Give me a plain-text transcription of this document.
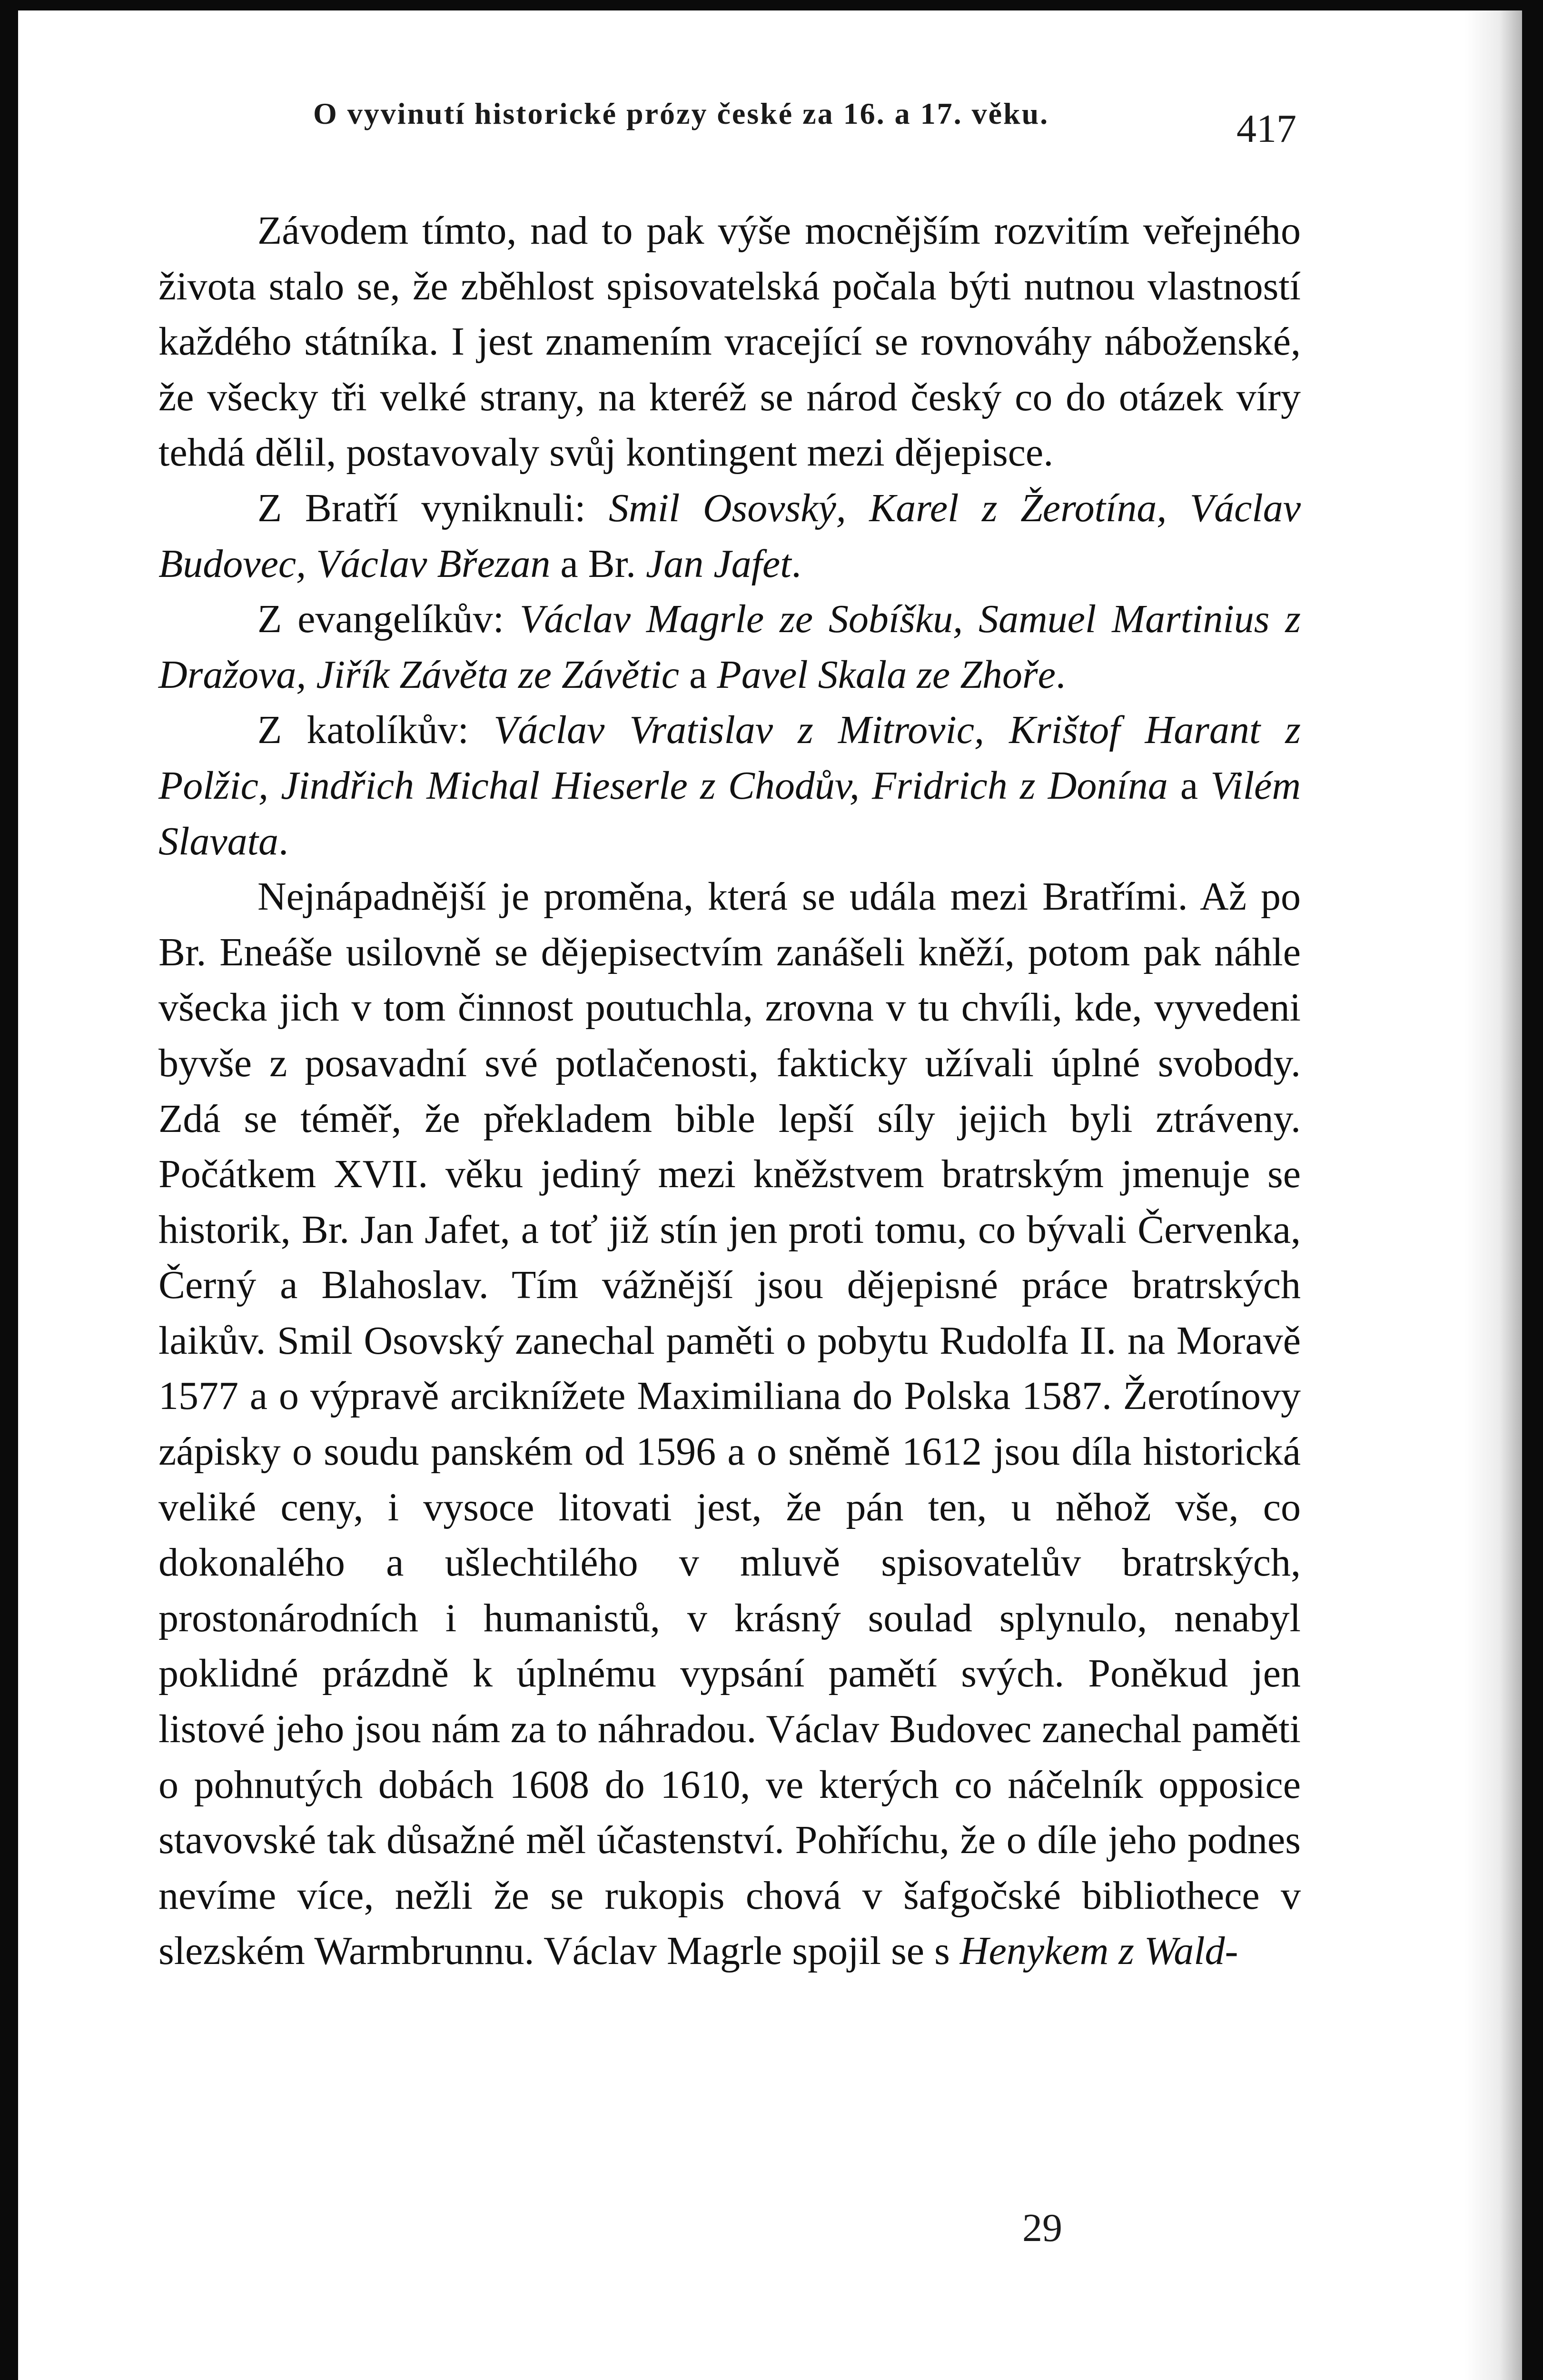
O vyvinutí historické prózy české za 16. a 17. věku.	417

Závodem tímto, nad to pak výše mocnějším rozvitím veřejného života stalo se, že zběhlost spisovatelská počala býti nutnou vlastností každého státníka. I jest znamením vracející se rovnováhy náboženské, že všecky tři velké strany, na kteréž se národ český co do otázek víry tehdá dělil, postavovaly svůj kontingent mezi dějepisce.

Z Bratří vyniknuli: Smil Osovský, Karel z Žerotína, Václav Budovec, Václav Březan a Br. Jan Jafet.

Z evangelíkův: Václav Magrle ze Sobíšku, Samuel Martinius z Dražova, Jiřík Závěta ze Závětic a Pavel Skala ze Zhoře.

Z katolíkův: Václav Vratislav z Mitrovic, Krištof Harant z Polžic, Jindřich Michal Hieserle z Chodův, Fridrich z Donína a Vilém Slavata.

Nejnápadnější je proměna, která se udála mezi Bratřími. Až po Br. Eneáše usilovně se dějepisectvím zanášeli kněží, potom pak náhle všecka jich v tom činnost poutuchla, zrovna v tu chvíli, kde, vyvedeni byvše z posavadní své potlačenosti, fakticky užívali úplné svobody. Zdá se téměř, že překladem bible lepší síly jejich byli ztráveny. Počátkem XVII. věku jediný mezi kněžstvem bratrským jmenuje se historik, Br. Jan Jafet, a toť již stín jen proti tomu, co bývali Červenka, Černý a Blahoslav. Tím vážnější jsou dějepisné práce bratrských laikův. Smil Osovský zanechal paměti o pobytu Rudolfa II. na Moravě 1577 a o výpravě arciknížete Maximiliana do Polska 1587. Žerotínovy zápisky o soudu panském od 1596 a o sněmě 1612 jsou díla historická veliké ceny, i vysoce litovati jest, že pán ten, u něhož vše, co dokonalého a ušlechtilého v mluvě spisovatelův bratrských, prostonárodních i humanistů, v krásný soulad splynulo, nenabyl poklidné prázdně k úplnému vypsání pamětí svých. Poněkud jen listové jeho jsou nám za to náhradou. Václav Budovec zanechal paměti o pohnutých dobách 1608 do 1610, ve kterých co náčelník opposice stavovské tak důsažné měl účastenství. Pohříchu, že o díle jeho podnes nevíme více, nežli že se rukopis chová v šafgočské bibliothece v slezském Warmbrunnu. Václav Magrle spojil se s Henykem z Wald-

29
